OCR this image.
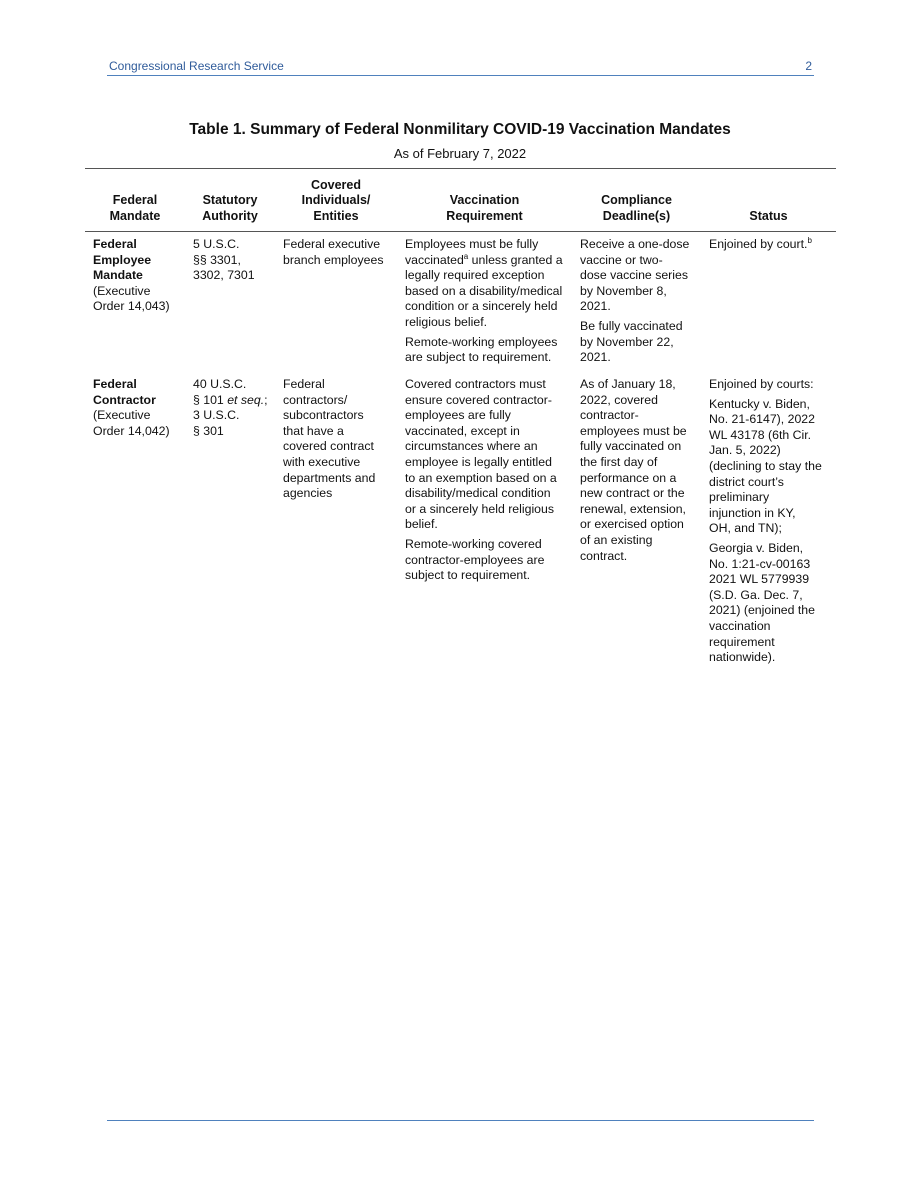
Congressional Research Service	2
Table 1. Summary of Federal Nonmilitary COVID-19 Vaccination Mandates
As of February 7, 2022
Federal
Mandate
Statutory
Authority
Covered
Individuals/
Entities
Vaccination
Requirement
Compliance
Deadline(s)	Status
Federal
Employee
Mandate
(Executive
Order 14,043)
5 U.S.C.
§§ 3301,
3302, 7301
Federal executive
branch employees

Employees must be fully
vaccinated$^a$ unless granted a
legally required exception
based on a disability/medical
condition or a sincerely held
religious belief.

Remote-working employees
are subject to requirement.

Receive a one-dose
vaccine or two-
dose vaccine series
by November 8,
2021.

Be fully vaccinated
by November 22,
2021.

Enjoined by court.$^b$
Federal
Contractor
(Executive
Order 14,042)
40 U.S.C.
§ 101 et seq.;
3 U.S.C.
§ 301
Federal
contractors/
subcontractors
that have a
covered contract
with executive
departments and
agencies

Covered contractors must
ensure covered contractor-
employees are fully
vaccinated, except in
circumstances where an
employee is legally entitled
to an exemption based on a
disability/medical condition
or a sincerely held religious
belief.

Remote-working covered
contractor-employees are
subject to requirement.

As of January 18,
2022, covered
contractor-
employees must be
fully vaccinated on
the first day of
performance on a
new contract or the
renewal, extension,
or exercised option
of an existing
contract.

Enjoined by courts:

Kentucky v. Biden,
No. 21-6147), 2022
WL 43178 (6th Cir.
Jan. 5, 2022)
(declining to stay the
district court’s
preliminary
injunction in KY,
OH, and TN);

Georgia v. Biden,
No. 1:21-cv-00163
2021 WL 5779939
(S.D. Ga. Dec. 7,
2021) (enjoined the
vaccination
requirement
nationwide).
